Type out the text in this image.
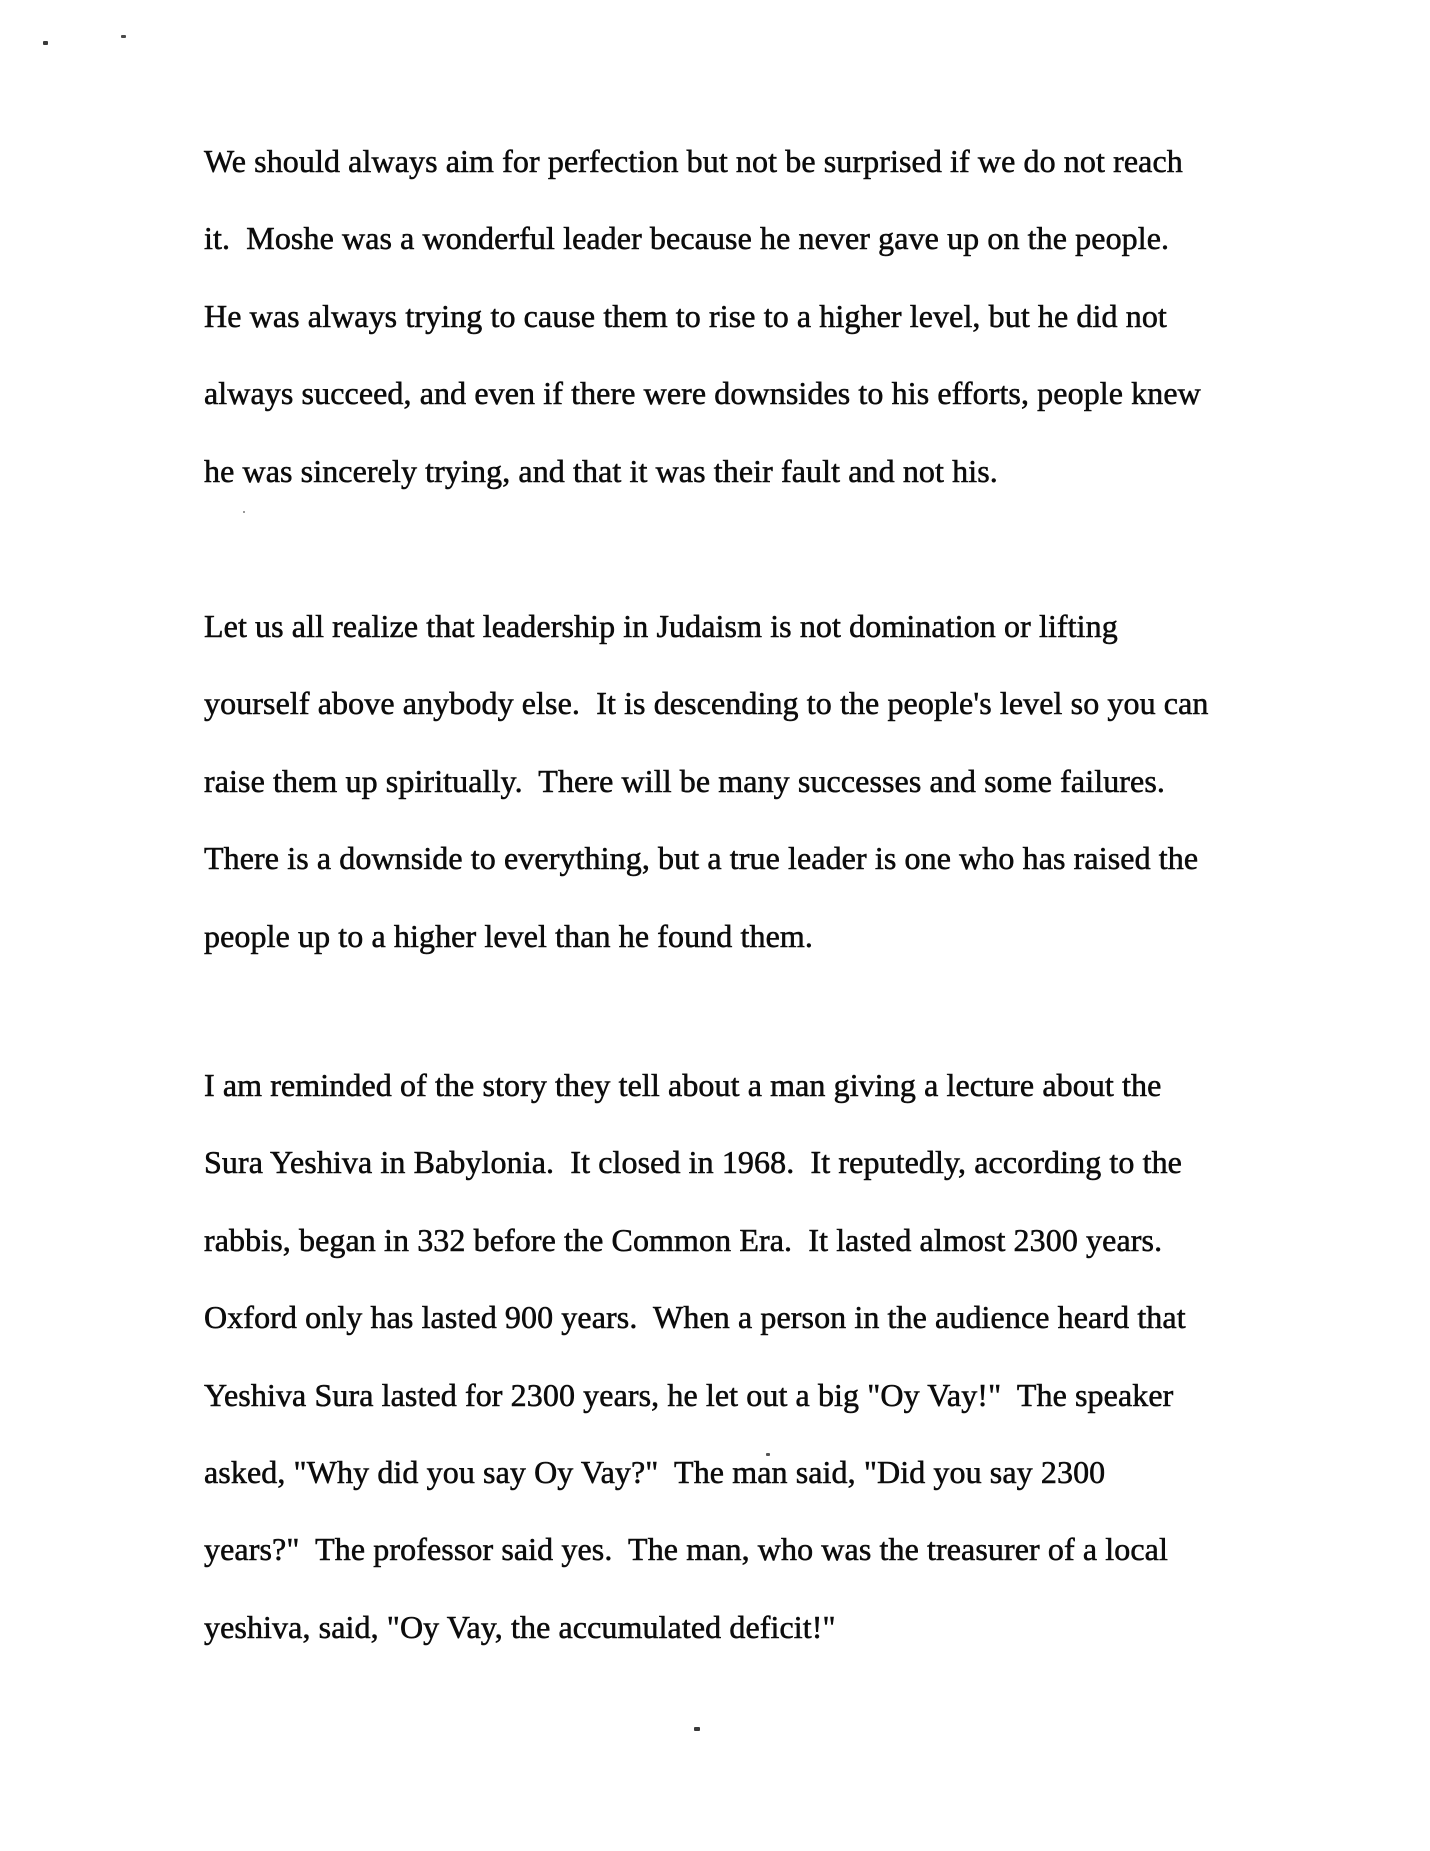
We should always aim for perfection but not be surprised if we do not reach
it.  Moshe was a wonderful leader because he never gave up on the people.
He was always trying to cause them to rise to a higher level, but he did not
always succeed, and even if there were downsides to his efforts, people knew
he was sincerely trying, and that it was their fault and not his.
Let us all realize that leadership in Judaism is not domination or lifting
yourself above anybody else.  It is descending to the people's level so you can
raise them up spiritually.  There will be many successes and some failures.
There is a downside to everything, but a true leader is one who has raised the
people up to a higher level than he found them.
I am reminded of the story they tell about a man giving a lecture about the
Sura Yeshiva in Babylonia.  It closed in 1968.  It reputedly, according to the
rabbis, began in 332 before the Common Era.  It lasted almost 2300 years.
Oxford only has lasted 900 years.  When a person in the audience heard that
Yeshiva Sura lasted for 2300 years, he let out a big "Oy Vay!"  The speaker
asked, "Why did you say Oy Vay?"  The man said, "Did you say 2300
years?"  The professor said yes.  The man, who was the treasurer of a local
yeshiva, said, "Oy Vay, the accumulated deficit!"
